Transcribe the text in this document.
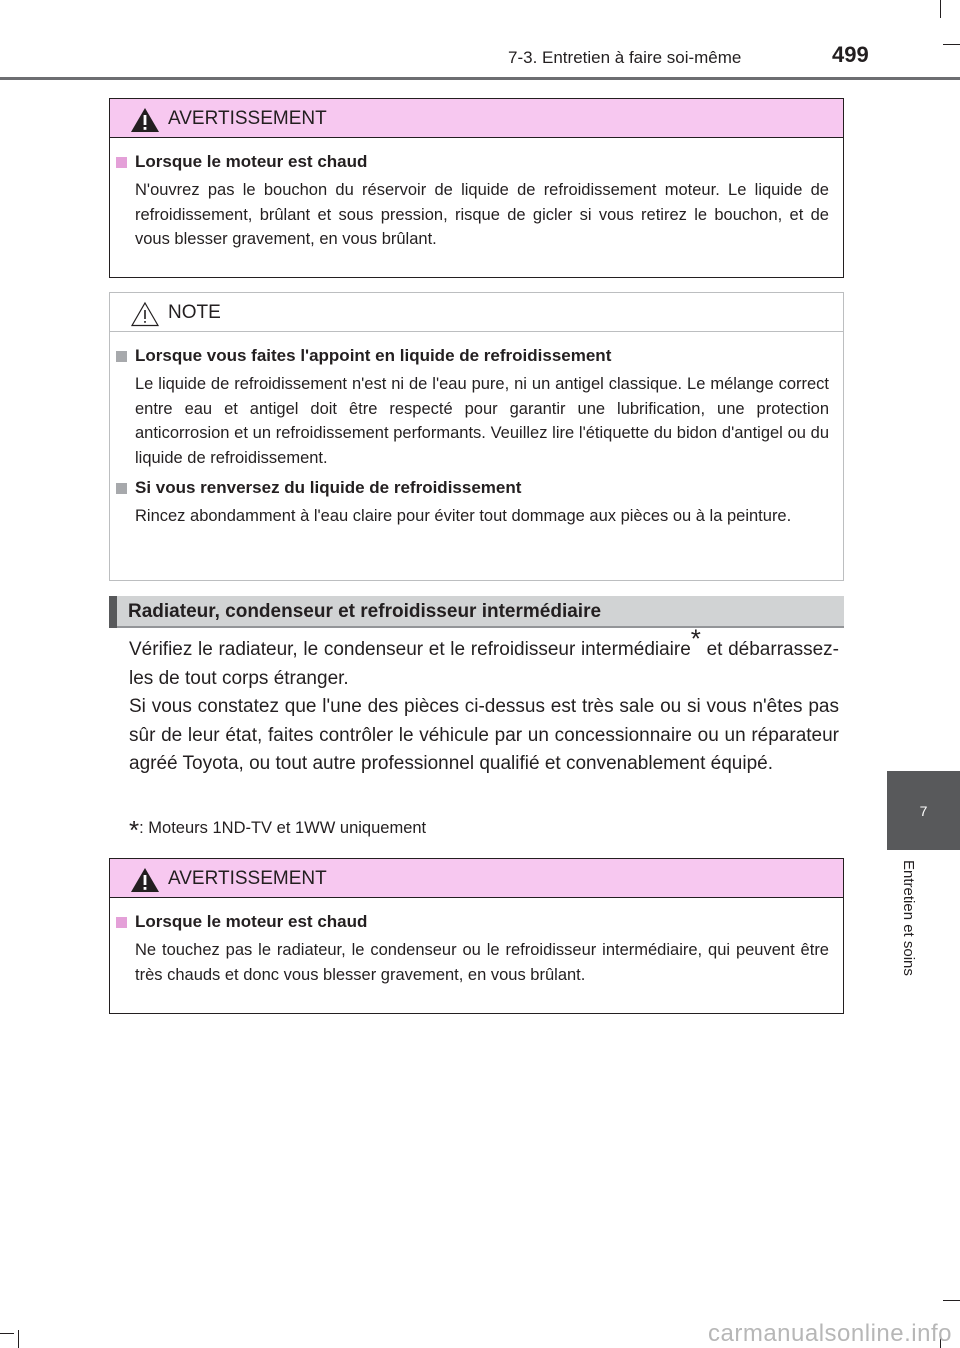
7-3. Entretien à faire soi-même	499
7
Entretien et soins
AVERTISSEMENT
Lorsque le moteur est chaud
N'ouvrez pas le bouchon du réservoir de liquide de refroidissement moteur. Le liquide de refroidissement, brûlant et sous pression, risque de gicler si vous retirez le bouchon, et de vous blesser gravement, en vous brûlant.
NOTE
Lorsque vous faites l'appoint en liquide de refroidissement
Le liquide de refroidissement n'est ni de l'eau pure, ni un antigel classique. Le mélange correct entre eau et antigel doit être respecté pour garantir une lubrification, une protection anticorrosion et un refroidissement performants. Veuillez lire l'étiquette du bidon d'antigel ou du liquide de refroidissement.
Si vous renversez du liquide de refroidissement
Rincez abondamment à l'eau claire pour éviter tout dommage aux pièces ou à la peinture.
Radiateur, condenseur et refroidisseur intermédiaire
Vérifiez le radiateur, le condenseur et le refroidisseur intermédiaire* et débarrassez-les de tout corps étranger.
Si vous constatez que l'une des pièces ci-dessus est très sale ou si vous n'êtes pas sûr de leur état, faites contrôler le véhicule par un concessionnaire ou un réparateur agréé Toyota, ou tout autre professionnel qualifié et convenablement équipé.
*: Moteurs 1ND-TV et 1WW uniquement
AVERTISSEMENT
Lorsque le moteur est chaud
Ne touchez pas le radiateur, le condenseur ou le refroidisseur intermédiaire, qui peuvent être très chauds et donc vous blesser gravement, en vous brûlant.
carmanualsonline.info
